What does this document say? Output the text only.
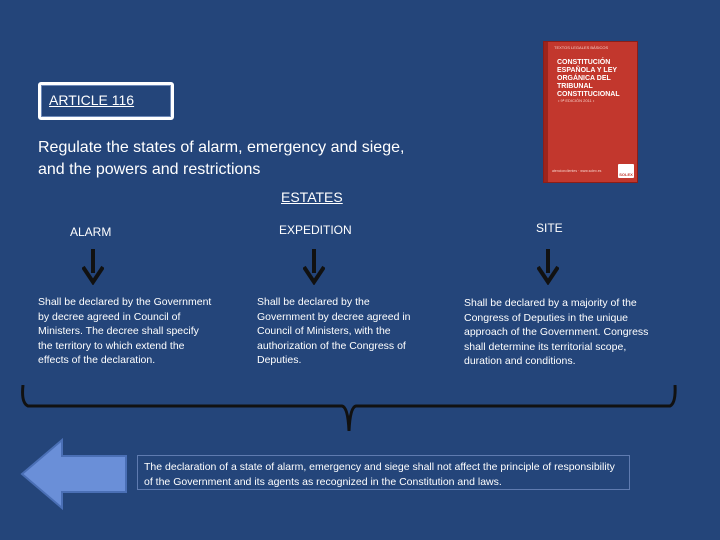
ARTICLE 116
Regulate the states of alarm, emergency and siege, and the powers and restrictions
ESTATES
ALARM
Shall be declared by the Government by decree agreed in Council of Ministers. The decree shall specify the territory to which extend the effects of the declaration.
EXPEDITION
Shall be declared by the Government by decree agreed in Council of Ministers, with the authorization of the Congress of Deputies.
SITE
Shall be declared by a majority of the Congress of Deputies in the unique approach of the Government. Congress shall determine its territorial scope, duration and conditions.
The declaration of a state of alarm, emergency and siege shall not affect the principle of responsibility of the Government and its agents as recognized in the Constitution and laws.
TEXTOS LEGALES BÁSICOS
CONSTITUCIÓN ESPAÑOLA Y LEY ORGÁNICA DEL TRIBUNAL CONSTITUCIONAL
• 9ª EDICIÓN 2011 •
atencionclientes · www.solex.es
SOLEX
